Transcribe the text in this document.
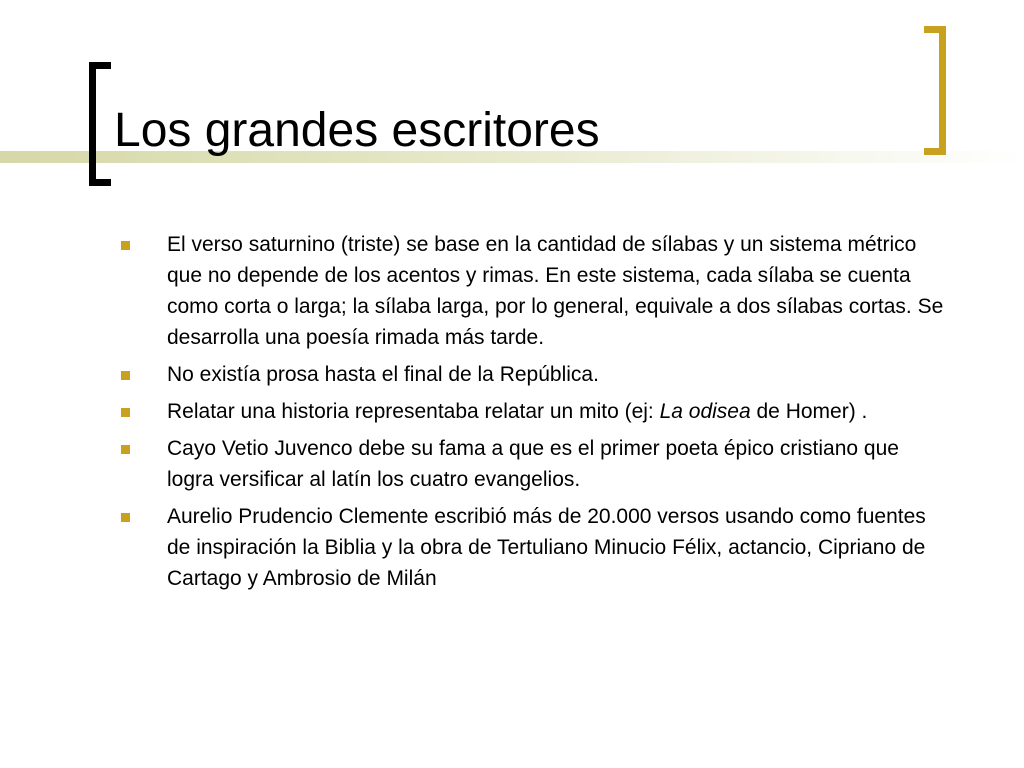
Los grandes escritores
El verso saturnino (triste) se base en la cantidad de sílabas y un sistema métrico que no depende de los acentos y rimas. En este sistema, cada sílaba se cuenta como corta o larga; la sílaba larga, por lo general, equivale a dos sílabas cortas. Se desarrolla una poesía rimada más tarde.
No existía prosa hasta el final de la República.
Relatar una historia representaba relatar un mito (ej: La odisea de Homer) .
Cayo Vetio Juvenco debe su fama a que es el primer poeta épico cristiano que logra versificar al latín los cuatro evangelios.
Aurelio Prudencio Clemente escribió más de 20.000 versos usando como fuentes de inspiración la Biblia y la obra de Tertuliano Minucio Félix, actancio, Cipriano de Cartago y Ambrosio de Milán
